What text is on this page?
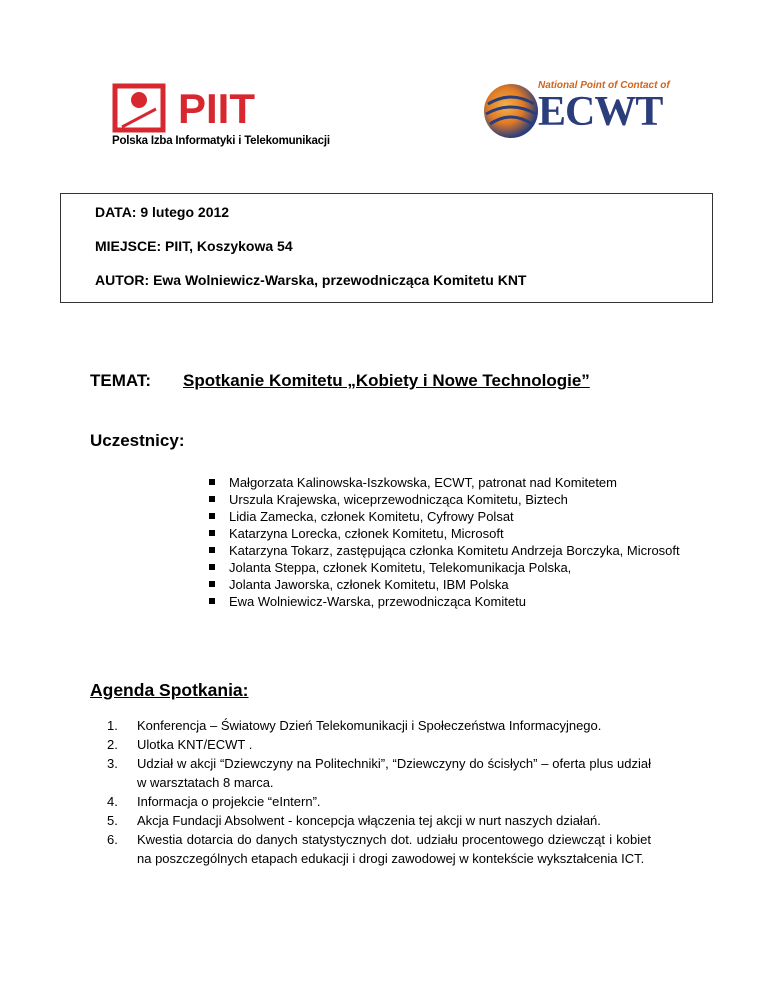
PIIT
Polska Izba Informatyki i Telekomunikacji
National Point of Contact of
ECWT
DATA: 9 lutego 2012
MIEJSCE: PIIT, Koszykowa 54
AUTOR: Ewa Wolniewicz-Warska, przewodnicząca Komitetu KNT
TEMAT: Spotkanie Komitetu „Kobiety i Nowe Technologie”
Uczestnicy:
Małgorzata Kalinowska-Iszkowska, ECWT, patronat nad Komitetem
Urszula Krajewska, wiceprzewodnicząca Komitetu, Biztech
Lidia Zamecka, członek Komitetu, Cyfrowy Polsat
Katarzyna Lorecka, członek Komitetu, Microsoft
Katarzyna Tokarz, zastępująca członka Komitetu Andrzeja Borczyka, Microsoft
Jolanta Steppa, członek Komitetu, Telekomunikacja Polska,
Jolanta Jaworska, członek Komitetu, IBM Polska
Ewa Wolniewicz-Warska, przewodnicząca Komitetu
Agenda Spotkania:
1. Konferencja – Światowy Dzień Telekomunikacji i Społeczeństwa Informacyjnego.
2. Ulotka KNT/ECWT .
3. Udział w akcji “Dziewczyny na Politechniki”, “Dziewczyny do ścisłych” – oferta plus udział w warsztatach 8 marca.
4. Informacja o projekcie “eIntern”.
5. Akcja Fundacji Absolwent - koncepcja włączenia tej akcji w nurt naszych działań.
6. Kwestia dotarcia do danych statystycznych dot. udziału procentowego dziewcząt i kobiet na poszczególnych etapach edukacji i drogi zawodowej w kontekście wykształcenia ICT.
